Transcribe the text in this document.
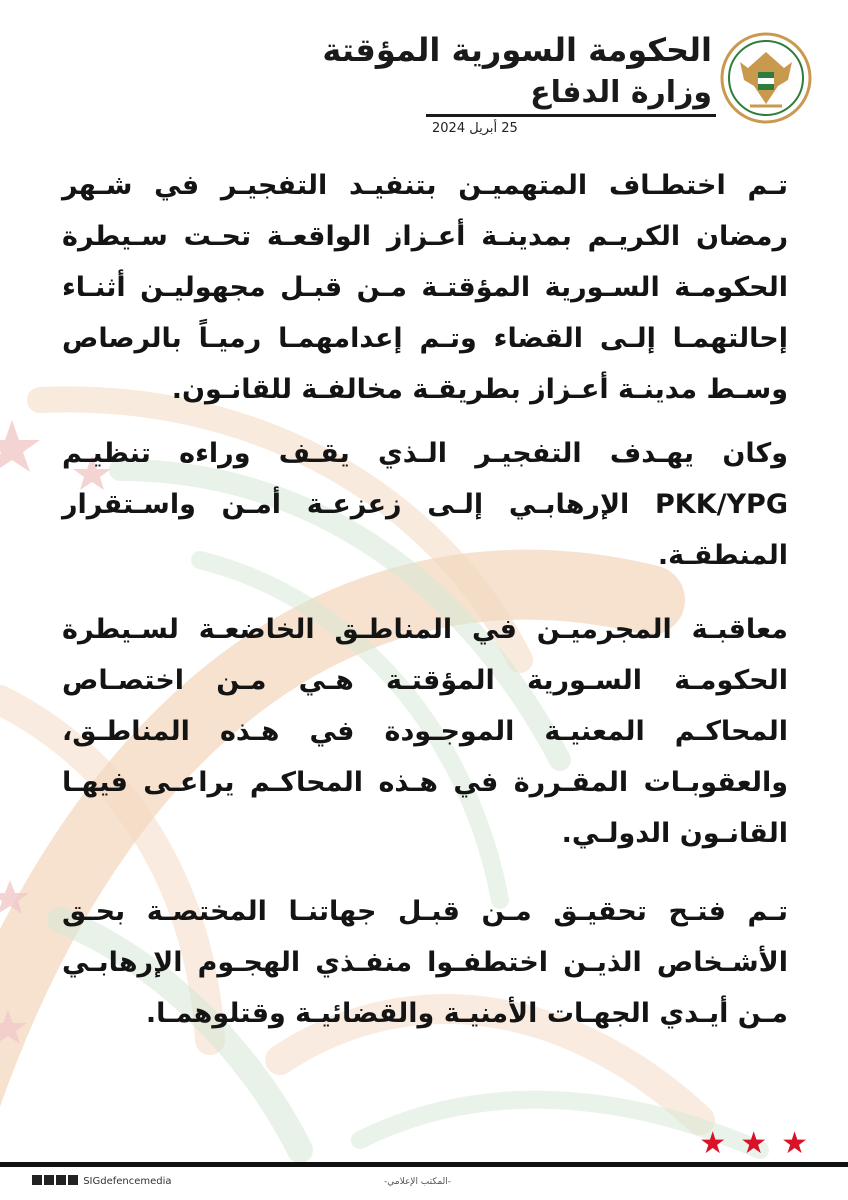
الحكومة السورية المؤقتة
وزارة الدفاع
25 أبريل 2024

تـم اختطـاف المتهميـن بتنفيـد التفجيـر في شـهر رمضان الكريـم بمدينـة أعـزاز الواقعـة تحـت سـيطرة الحكومـة السـورية المؤقتـة مـن قبـل مجهوليـن أثنـاء إحالتهمـا إلـى القضاء وتـم إعدامهمـا رميـاً بالرصاص وسـط مدينـة أعـزاز بطريقـة مخالفـة للقانـون.

وكان يهـدف التفجيـر الـذي يقـف وراءه تنظيـم PKK/YPG الإرهابـي إلـى زعزعـة أمـن واسـتقرار المنطقـة.

معاقبـة المجرميـن في المناطـق الخاضعـة لسـيطرة الحكومـة السـورية المؤقتـة هـي مـن اختصـاص المحاكـم المعنيـة الموجـودة في هـذه المناطـق، والعقوبـات المقـررة في هـذه المحاكـم يراعـى فيهـا القانـون الدولـي.

تـم فتـح تحقيـق مـن قبـل جهاتنـا المختصـة بحـق الأشـخاص الذيـن اختطفـوا منفـذي الهجـوم الإرهابـي مـن أيـدي الجهـات الأمنيـة والقضائيـة وقتلوهمـا.

★ ★ ★
SIGdefencemedia	-المكتب الإعلامي-
